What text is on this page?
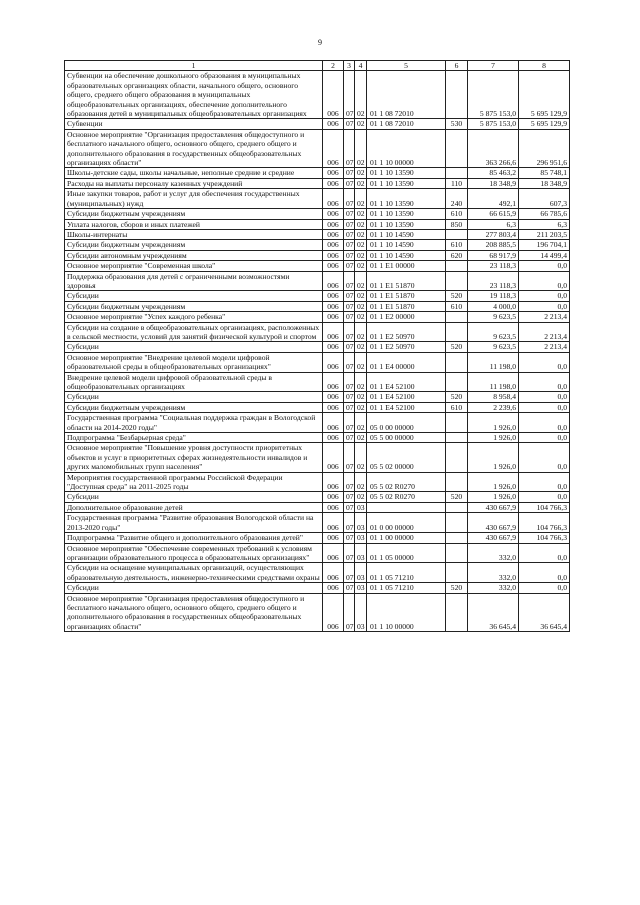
9
1	2	3	4	5	6	7	8
Субвенции на обеспечение дошкольного образования в муниципальных образовательных организациях области, начального общего, основного общего, среднего общего образования в муниципальных общеобразовательных организациях, обеспечение дополнительного образования детей в муниципальных общеобразовательных организациях	006	07	02	01 1 08 72010		5 875 153,0	5 695 129,9
Субвенции	006	07	02	01 1 08 72010	530	5 875 153,0	5 695 129,9
Основное мероприятие "Организация предоставления общедоступного и бесплатного начального общего, основного общего, среднего общего и дополнительного образования в государственных общеобразовательных организациях области"	006	07	02	01 1 10 00000		363 266,6	296 951,6
Школы-детские сады, школы начальные, неполные средние и средние	006	07	02	01 1 10 13590		85 463,2	85 748,1
Расходы на выплаты персоналу казенных учреждений	006	07	02	01 1 10 13590	110	18 348,9	18 348,9
Иные закупки товаров, работ и услуг для обеспечения государственных (муниципальных) нужд	006	07	02	01 1 10 13590	240	492,1	607,3
Субсидии бюджетным учреждениям	006	07	02	01 1 10 13590	610	66 615,9	66 785,6
Уплата налогов, сборов и иных платежей	006	07	02	01 1 10 13590	850	6,3	6,3
Школы-интернаты	006	07	02	01 1 10 14590		277 803,4	211 203,5
Субсидии бюджетным учреждениям	006	07	02	01 1 10 14590	610	208 885,5	196 704,1
Субсидии автономным учреждениям	006	07	02	01 1 10 14590	620	68 917,9	14 499,4
Основное мероприятие "Современная школа"	006	07	02	01 1 E1 00000		23 118,3	0,0
Поддержка образования для детей с ограниченными возможностями здоровья	006	07	02	01 1 E1 51870		23 118,3	0,0
Субсидии	006	07	02	01 1 E1 51870	520	19 118,3	0,0
Субсидии бюджетным учреждениям	006	07	02	01 1 E1 51870	610	4 000,0	0,0
Основное мероприятие "Успех каждого ребенка"	006	07	02	01 1 E2 00000		9 623,5	2 213,4
Субсидии на создание в общеобразовательных организациях, расположенных в сельской местности, условий для занятий физической культурой и спортом	006	07	02	01 1 E2 50970		9 623,5	2 213,4
Субсидии	006	07	02	01 1 E2 50970	520	9 623,5	2 213,4
Основное мероприятие "Внедрение целевой модели цифровой образовательной среды в общеобразовательных организациях"	006	07	02	01 1 E4 00000		11 198,0	0,0
Внедрение целевой модели цифровой образовательной среды в общеобразовательных организациях	006	07	02	01 1 E4 52100		11 198,0	0,0
Субсидии	006	07	02	01 1 E4 52100	520	8 958,4	0,0
Субсидии бюджетным учреждениям	006	07	02	01 1 E4 52100	610	2 239,6	0,0
Государственная программа "Социальная поддержка граждан в Вологодской области на 2014-2020 годы"	006	07	02	05 0 00 00000		1 926,0	0,0
Подпрограмма "Безбарьерная среда"	006	07	02	05 5 00 00000		1 926,0	0,0
Основное мероприятие "Повышение уровня доступности приоритетных объектов и услуг в приоритетных сферах жизнедеятельности инвалидов и других маломобильных групп населения"	006	07	02	05 5 02 00000		1 926,0	0,0
Мероприятия государственной программы Российской Федерации "Доступная среда" на 2011-2025 годы	006	07	02	05 5 02 R0270		1 926,0	0,0
Субсидии	006	07	02	05 5 02 R0270	520	1 926,0	0,0
Дополнительное образование детей	006	07	03			430 667,9	104 766,3
Государственная программа "Развитие образования Вологодской области на 2013-2020 годы"	006	07	03	01 0 00 00000		430 667,9	104 766,3
Подпрограмма "Развитие общего и дополнительного образования детей"	006	07	03	01 1 00 00000		430 667,9	104 766,3
Основное мероприятие "Обеспечение современных требований к условиям организации образовательного процесса в образовательных организациях"	006	07	03	01 1 05 00000		332,0	0,0
Субсидии на оснащение муниципальных организаций, осуществляющих образовательную деятельность, инженерно-техническими средствами охраны	006	07	03	01 1 05 71210		332,0	0,0
Субсидии	006	07	03	01 1 05 71210	520	332,0	0,0
Основное мероприятие "Организация предоставления общедоступного и бесплатного начального общего, основного общего, среднего общего и дополнительного образования в государственных общеобразовательных организациях области"	006	07	03	01 1 10 00000		36 645,4	36 645,4
